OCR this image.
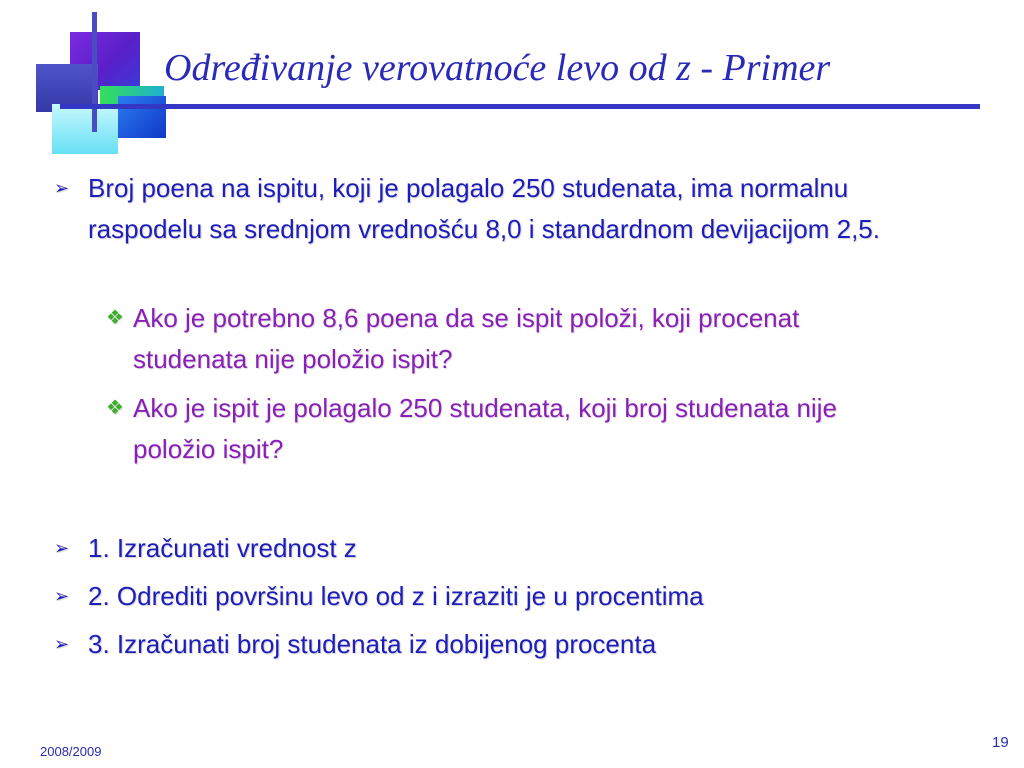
Određivanje verovatnoće levo od z - Primer
➢ Broj poena na ispitu, koji je polagalo 250 studenata, ima normalnu raspodelu sa srednjom vrednošću 8,0 i standardnom devijacijom 2,5.
❖ Ako je potrebno 8,6 poena da se ispit položi, koji procenat studenata nije položio ispit?
❖ Ako je ispit je polagalo 250 studenata, koji broj studenata nije položio ispit?
➢ 1. Izračunati vrednost z
➢ 2. Odrediti površinu levo od z i izraziti je u procentima
➢ 3. Izračunati broj studenata iz dobijenog procenta
2008/2009
19
